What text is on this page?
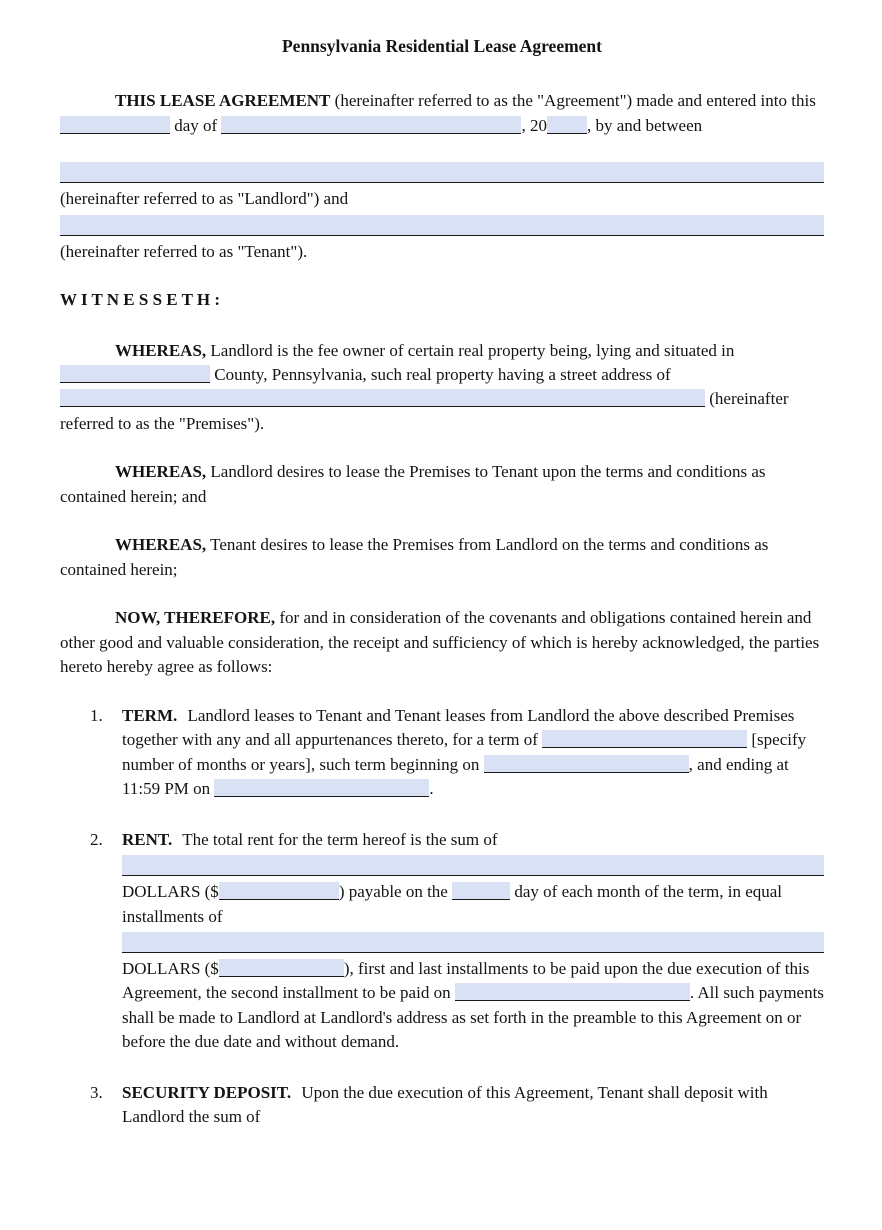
Pennsylvania Residential Lease Agreement
THIS LEASE AGREEMENT (hereinafter referred to as the "Agreement") made and entered into this  day of	, 20 , by and between
(hereinafter referred to as "Landlord") and
(hereinafter referred to as "Tenant").
W I T N E S S E T H :
WHEREAS, Landlord is the fee owner of certain real property being, lying and situated in  County, Pennsylvania, such real property having a street address of  (hereinafter referred to as the "Premises").
WHEREAS, Landlord desires to lease the Premises to Tenant upon the terms and conditions as contained herein; and
WHEREAS, Tenant desires to lease the Premises from Landlord on the terms and conditions as contained herein;
NOW, THEREFORE, for and in consideration of the covenants and obligations contained herein and other good and valuable consideration, the receipt and sufficiency of which is hereby acknowledged, the parties hereto hereby agree as follows:
1.	TERM. Landlord leases to Tenant and Tenant leases from Landlord the above described Premises together with any and all appurtenances thereto, for a term of	[specify number of months or years], such term beginning on	, and ending at 11:59 PM on	.
2.	RENT. The total rent for the term hereof is the sum of
DOLLARS ($	) payable on the	day of each month of the term, in equal installments of
DOLLARS ($	), first and last installments to be paid upon the due execution of this Agreement, the second installment to be paid on	. All such payments shall be made to Landlord at Landlord's address as set forth in the preamble to this Agreement on or before the due date and without demand.
3.	SECURITY DEPOSIT. Upon the due execution of this Agreement, Tenant shall deposit with Landlord the sum of
